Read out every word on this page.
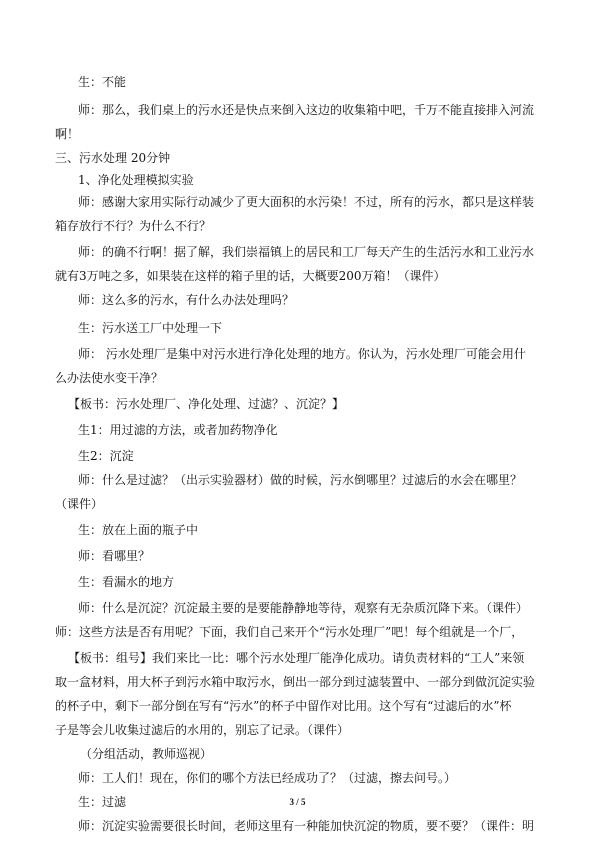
生：不能
师：那么，我们桌上的污水还是快点来倒入这边的收集箱中吧，千万不能直接排入河流
啊！
三、污水处理 20分钟
1、净化处理模拟实验
师：感谢大家用实际行动减少了更大面积的水污染！不过，所有的污水，都只是这样装
箱存放行不行？为什么不行？
师：的确不行啊！据了解，我们崇福镇上的居民和工厂每天产生的生活污水和工业污水
就有3万吨之多，如果装在这样的箱子里的话，大概要200万箱！（课件）
师：这么多的污水，有什么办法处理吗？
生：污水送工厂中处理一下
师： 污水处理厂是集中对污水进行净化处理的地方。你认为，污水处理厂可能会用什
么办法使水变干净？
【板书：污水处理厂、净化处理、过滤？、沉淀？】
生1：用过滤的方法，或者加药物净化
生2：沉淀
师：什么是过滤？（出示实验器材）做的时候，污水倒哪里？过滤后的水会在哪里？
（课件）
生：放在上面的瓶子中
师：看哪里？
生：看漏水的地方
师：什么是沉淀？沉淀最主要的是要能静静地等待，观察有无杂质沉降下来。（课件）
师：这些方法是否有用呢？下面，我们自己来开个“污水处理厂”吧！每个组就是一个厂，
【板书：组号】我们来比一比：哪个污水处理厂能净化成功。请负责材料的“工人”来领
取一盒材料，用大杯子到污水箱中取污水，倒出一部分到过滤装置中、一部分到做沉淀实验
的杯子中，剩下一部分倒在写有“污水”的杯子中留作对比用。这个写有“过滤后的水”杯
子是等会儿收集过滤后的水用的，别忘了记录。（课件）
（分组活动，教师巡视）
师：工人们！现在，你们的哪个方法已经成功了？（过滤，擦去问号。）
生：过滤
师：沉淀实验需要很长时间，老师这里有一种能加快沉淀的物质，要不要？（课件：明
3 / 5
